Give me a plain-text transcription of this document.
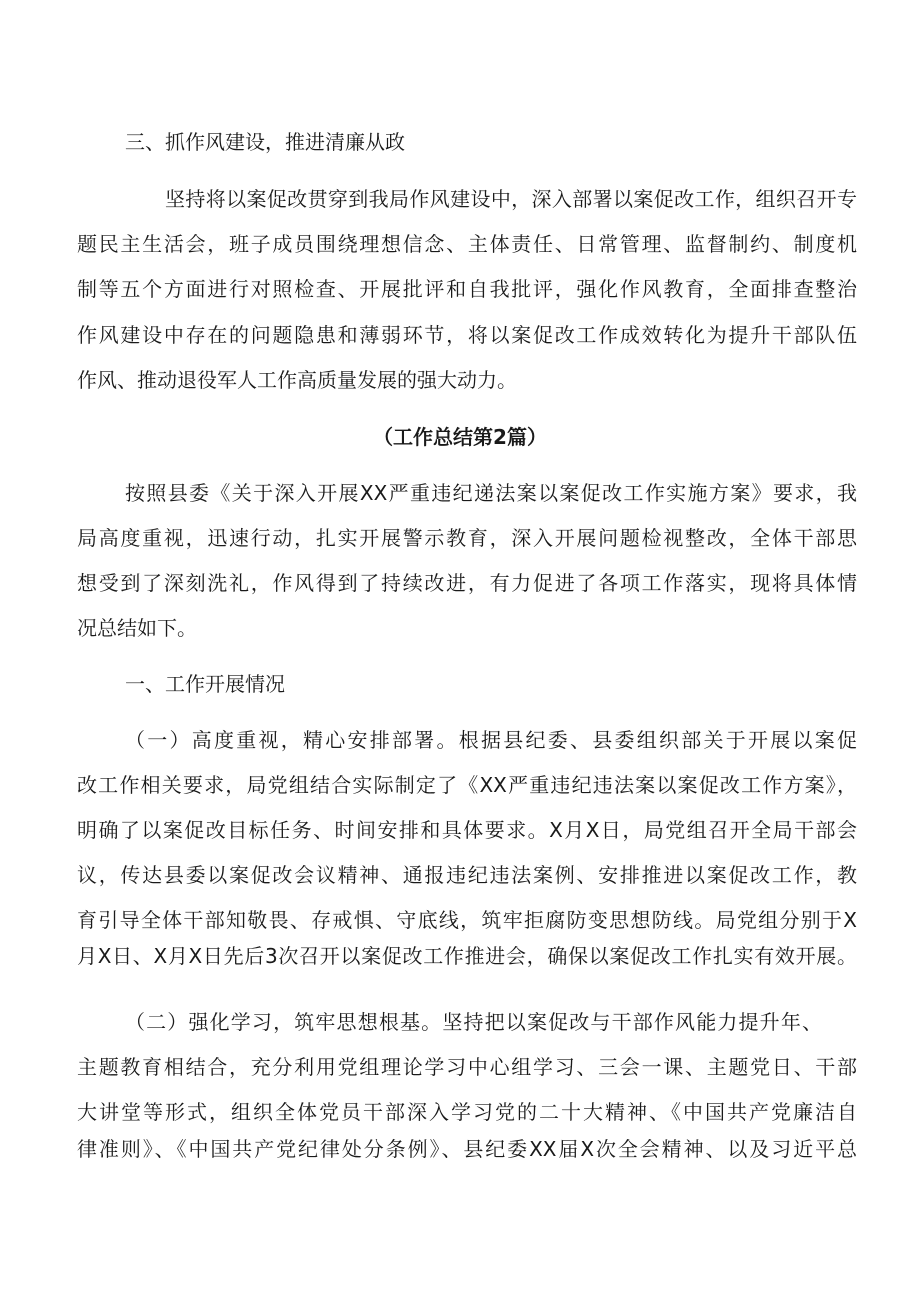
三、抓作风建设，推进清廉从政

坚持将以案促改贯穿到我局作风建设中，深入部署以案促改工作，组织召开专

题民主生活会，班子成员围绕理想信念、主体责任、日常管理、监督制约、制度机

制等五个方面进行对照检查、开展批评和自我批评，强化作风教育，全面排查整治

作风建设中存在的问题隐患和薄弱环节，将以案促改工作成效转化为提升干部队伍

作风、推动退役军人工作高质量发展的强大动力。

（工作总结第2篇）

按照县委《关于深入开展XX严重违纪递法案以案促改工作实施方案》要求，我

局高度重视，迅速行动，扎实开展警示教育，深入开展问题检视整改，全体干部思

想受到了深刻洗礼，作风得到了持续改进，有力促进了各项工作落实，现将具体情

况总结如下。

一、工作开展情况

（一）高度重视，精心安排部署。根据县纪委、县委组织部关于开展以案促

改工作相关要求，局党组结合实际制定了《XX严重违纪违法案以案促改工作方案》，

明确了以案促改目标任务、时间安排和具体要求。X月X日，局党组召开全局干部会

议，传达县委以案促改会议精神、通报违纪违法案例、安排推进以案促改工作，教

育引导全体干部知敬畏、存戒惧、守底线，筑牢拒腐防变思想防线。局党组分别于X

月X日、X月X日先后3次召开以案促改工作推进会，确保以案促改工作扎实有效开展。

（二）强化学习，筑牢思想根基。坚持把以案促改与干部作风能力提升年、

主题教育相结合，充分利用党组理论学习中心组学习、三会一课、主题党日、干部

大讲堂等形式，组织全体党员干部深入学习党的二十大精神、《中国共产党廉洁自

律准则》、《中国共产党纪律处分条例》、县纪委XX届X次全会精神、以及习近平总
